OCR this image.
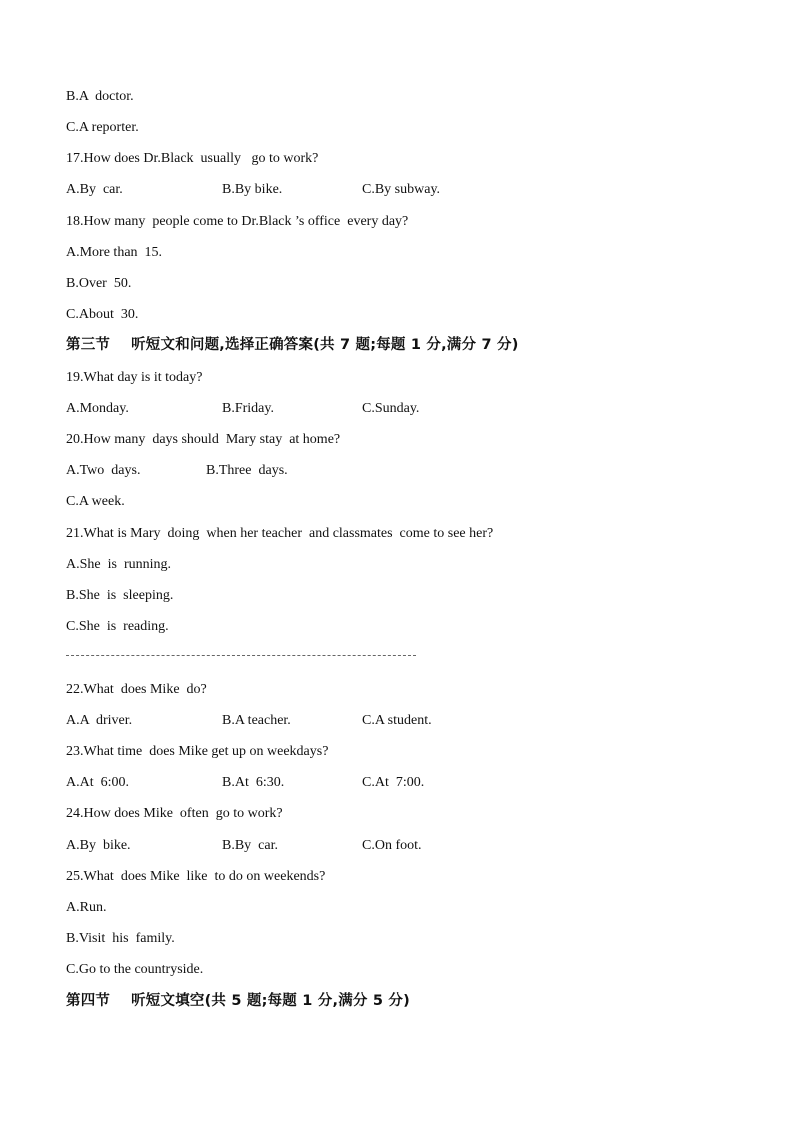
B.A  doctor.
C.A reporter.
17.How does Dr.Black  usually   go to work?
A.By  car.	B.By bike.	C.By subway.
18.How many  people come to Dr.Black ’s office  every day?
A.More than  15.
B.Over  50.
C.About  30.
第三节    听短文和问题,选择正确答案(共 7 题;每题 1 分,满分 7 分)
19.What day is it today?
A.Monday.	B.Friday.	C.Sunday.
20.How many  days should  Mary stay  at home?
A.Two  days.	B.Three  days.
C.A week.
21.What is Mary  doing  when her teacher  and classmates  come to see her?
A.She  is  running.
B.She  is  sleeping.
C.She  is  reading.
22.What  does Mike  do?
A.A  driver.	B.A teacher.	C.A student.
23.What time  does Mike get up on weekdays?
A.At  6:00.	B.At  6:30.	C.At  7:00.
24.How does Mike  often  go to work?
A.By  bike.	B.By  car.	C.On foot.
25.What  does Mike  like  to do on weekends?
A.Run.
B.Visit  his  family.
C.Go to the countryside.
第四节    听短文填空(共 5 题;每题 1 分,满分 5 分)
